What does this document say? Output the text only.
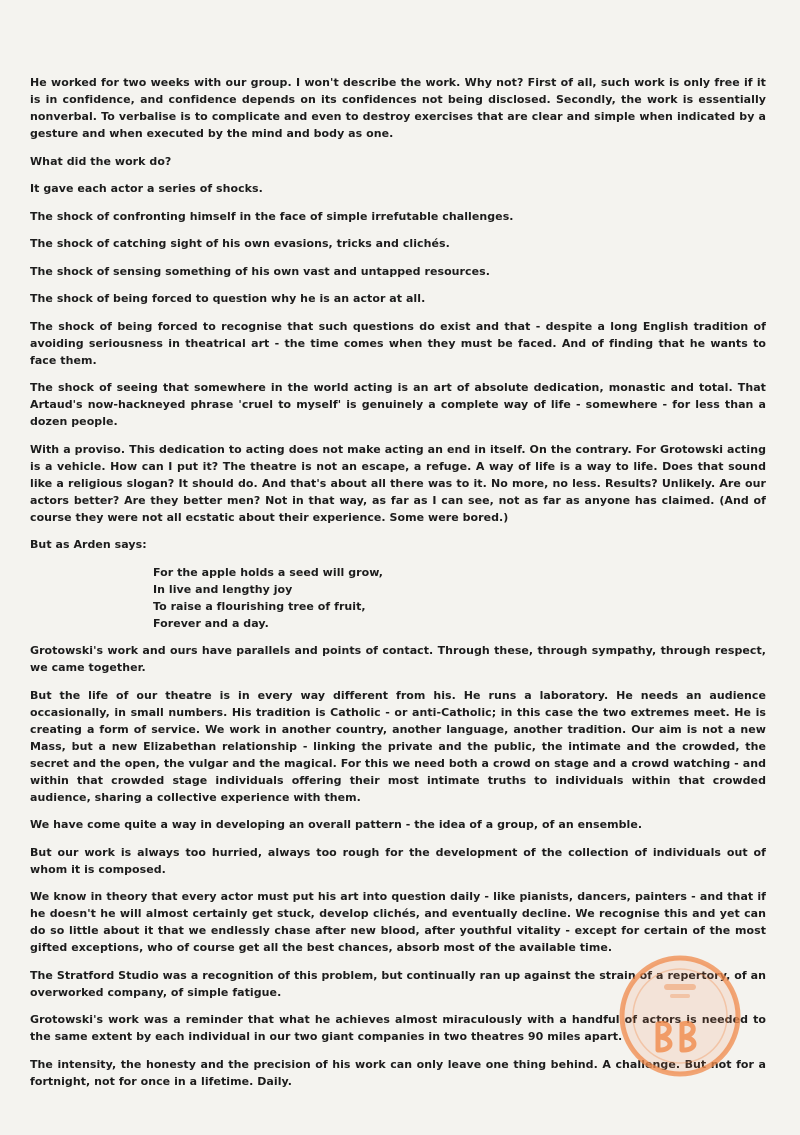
He worked for two weeks with our group. I won't describe the work. Why not? First of all, such work is only free if it is in confidence, and confidence depends on its confidences not being disclosed. Secondly, the work is essentially nonverbal. To verbalise is to complicate and even to destroy exercises that are clear and simple when indicated by a gesture and when executed by the mind and body as one.

What did the work do?

It gave each actor a series of shocks.

The shock of confronting himself in the face of simple irrefutable challenges.

The shock of catching sight of his own evasions, tricks and clichés.

The shock of sensing something of his own vast and untapped resources.

The shock of being forced to question why he is an actor at all.

The shock of being forced to recognise that such questions do exist and that - despite a long English tradition of avoiding seriousness in theatrical art - the time comes when they must be faced. And of finding that he wants to face them.

The shock of seeing that somewhere in the world acting is an art of absolute dedication, monastic and total. That Artaud's now-hackneyed phrase 'cruel to myself' is genuinely a complete way of life - somewhere - for less than a dozen people.

With a proviso. This dedication to acting does not make acting an end in itself. On the contrary. For Grotowski acting is a vehicle. How can I put it? The theatre is not an escape, a refuge. A way of life is a way to life. Does that sound like a religious slogan? It should do. And that's about all there was to it. No more, no less. Results? Unlikely. Are our actors better? Are they better men? Not in that way, as far as I can see, not as far as anyone has claimed. (And of course they were not all ecstatic about their experience. Some were bored.)

But as Arden says:

For the apple holds a seed will grow,
In live and lengthy joy
To raise a flourishing tree of fruit,
Forever and a day.

Grotowski's work and ours have parallels and points of contact. Through these, through sympathy, through respect, we came together.

But the life of our theatre is in every way different from his. He runs a laboratory. He needs an audience occasionally, in small numbers. His tradition is Catholic - or anti-Catholic; in this case the two extremes meet. He is creating a form of service. We work in another country, another language, another tradition. Our aim is not a new Mass, but a new Elizabethan relationship - linking the private and the public, the intimate and the crowded, the secret and the open, the vulgar and the magical. For this we need both a crowd on stage and a crowd watching - and within that crowded stage individuals offering their most intimate truths to individuals within that crowded audience, sharing a collective experience with them.

We have come quite a way in developing an overall pattern - the idea of a group, of an ensemble.

But our work is always too hurried, always too rough for the development of the collection of individuals out of whom it is composed.

We know in theory that every actor must put his art into question daily - like pianists, dancers, painters - and that if he doesn't he will almost certainly get stuck, develop clichés, and eventually decline. We recognise this and yet can do so little about it that we endlessly chase after new blood, after youthful vitality - except for certain of the most gifted exceptions, who of course get all the best chances, absorb most of the available time.

The Stratford Studio was a recognition of this problem, but continually ran up against the strain of a repertory, of an overworked company, of simple fatigue.

Grotowski's work was a reminder that what he achieves almost miraculously with a handful of actors is needed to the same extent by each individual in our two giant companies in two theatres 90 miles apart.

The intensity, the honesty and the precision of his work can only leave one thing behind. A challenge. But not for a fortnight, not for once in a lifetime. Daily.
